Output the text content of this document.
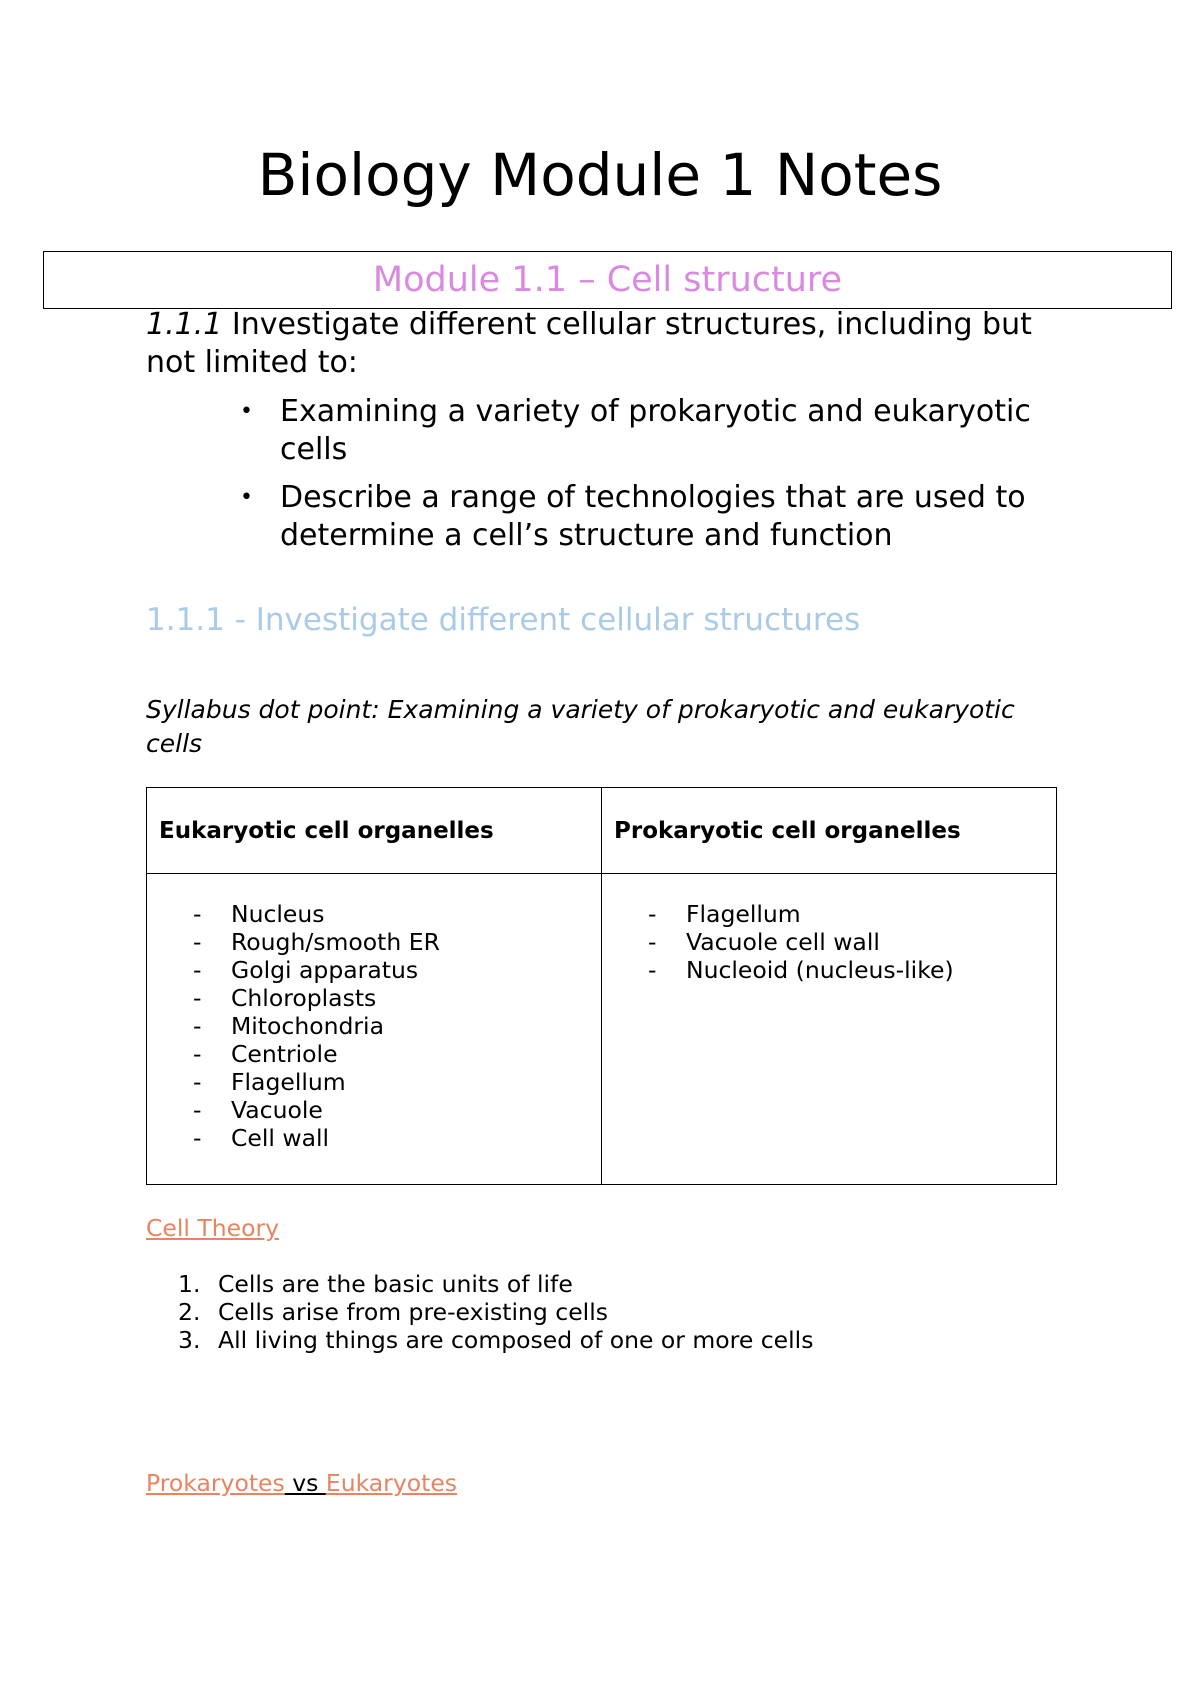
Biology Module 1 Notes
Module 1.1 – Cell structure
1.1.1 Investigate different cellular structures, including but not limited to:
• Examining a variety of prokaryotic and eukaryotic cells
• Describe a range of technologies that are used to determine a cell’s structure and function
1.1.1 - Investigate different cellular structures
Syllabus dot point: Examining a variety of prokaryotic and eukaryotic cells
Eukaryotic cell organelles	Prokaryotic cell organelles
- Nucleus
- Rough/smooth ER
- Golgi apparatus
- Chloroplasts
- Mitochondria
- Centriole
- Flagellum
- Vacuole
- Cell wall
- Flagellum
- Vacuole cell wall
- Nucleoid (nucleus-like)
Cell Theory
1. Cells are the basic units of life
2. Cells arise from pre-existing cells
3. All living things are composed of one or more cells
Prokaryotes vs Eukaryotes
